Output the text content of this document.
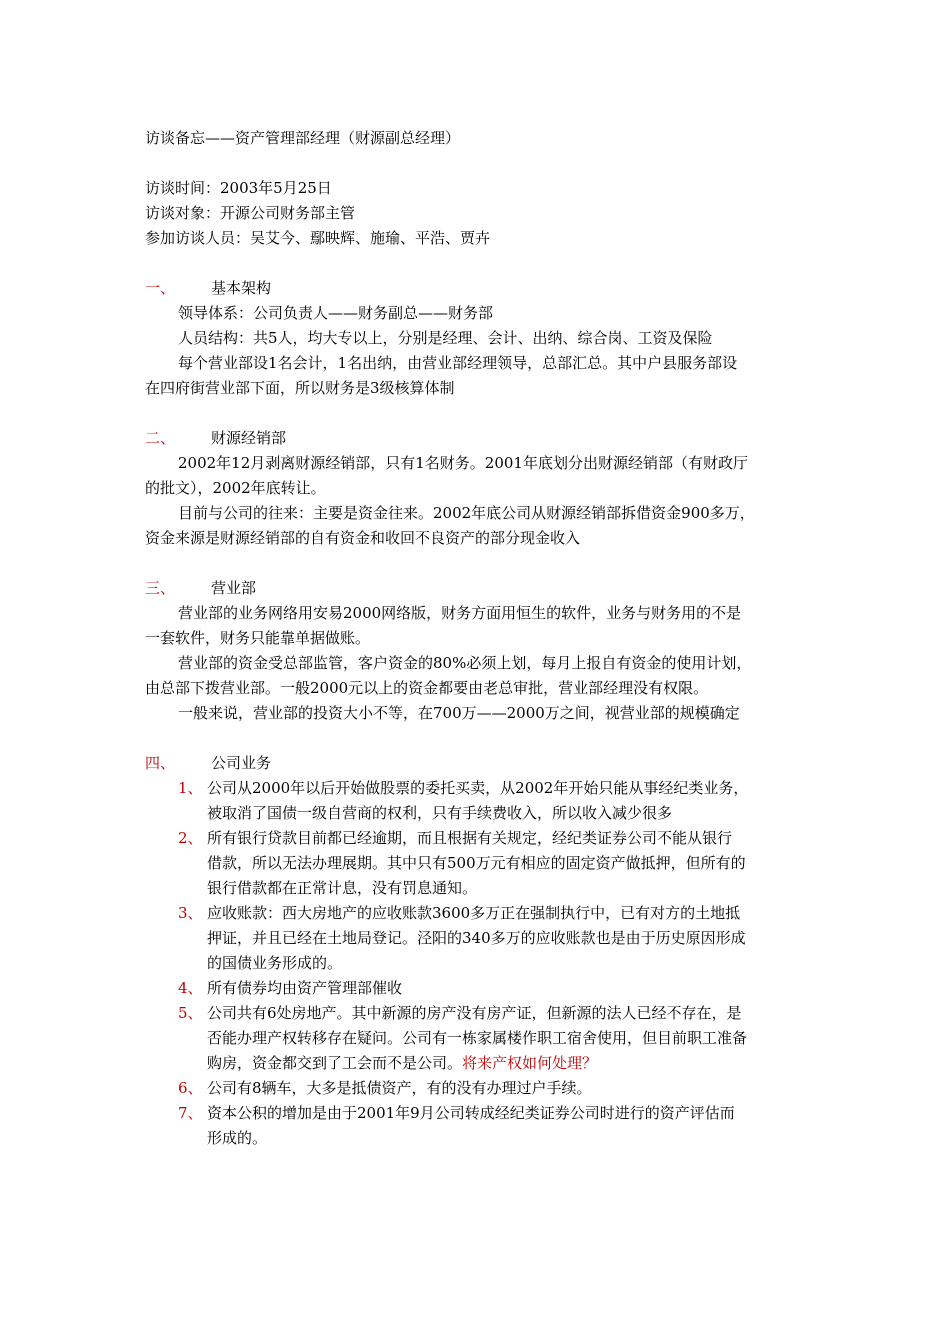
访谈备忘——资产管理部经理（财源副总经理）
访谈时间：2003年5月25日
访谈对象：开源公司财务部主管
参加访谈人员：吴艾今、鄢映辉、施瑜、平浩、贾卉
一、	基本架构
领导体系：公司负责人——财务副总——财务部
人员结构：共5人，均大专以上，分别是经理、会计、出纳、综合岗、工资及保险
每个营业部设1名会计，1名出纳，由营业部经理领导，总部汇总。其中户县服务部设
在四府街营业部下面，所以财务是3级核算体制
二、	财源经销部
2002年12月剥离财源经销部，只有1名财务。2001年底划分出财源经销部（有财政厅
的批文），2002年底转让。
目前与公司的往来：主要是资金往来。2002年底公司从财源经销部拆借资金900多万，
资金来源是财源经销部的自有资金和收回不良资产的部分现金收入
三、	营业部
营业部的业务网络用安易2000网络版，财务方面用恒生的软件，业务与财务用的不是
一套软件，财务只能靠单据做账。
营业部的资金受总部监管，客户资金的80%必须上划，每月上报自有资金的使用计划，
由总部下拨营业部。一般2000元以上的资金都要由老总审批，营业部经理没有权限。
一般来说，营业部的投资大小不等，在700万——2000万之间，视营业部的规模确定
四、	公司业务
1、 公司从2000年以后开始做股票的委托买卖，从2002年开始只能从事经纪类业务，
被取消了国债一级自营商的权利，只有手续费收入，所以收入减少很多
2、 所有银行贷款目前都已经逾期，而且根据有关规定，经纪类证券公司不能从银行
借款，所以无法办理展期。其中只有500万元有相应的固定资产做抵押，但所有的
银行借款都在正常计息，没有罚息通知。
3、 应收账款：西大房地产的应收账款3600多万正在强制执行中，已有对方的土地抵
押证，并且已经在土地局登记。泾阳的340多万的应收账款也是由于历史原因形成
的国债业务形成的。
4、 所有债券均由资产管理部催收
5、 公司共有6处房地产。其中新源的房产没有房产证，但新源的法人已经不存在，是
否能办理产权转移存在疑问。公司有一栋家属楼作职工宿舍使用，但目前职工准备
购房，资金都交到了工会而不是公司。将来产权如何处理？
6、 公司有8辆车，大多是抵债资产，有的没有办理过户手续。
7、 资本公积的增加是由于2001年9月公司转成经纪类证券公司时进行的资产评估而
形成的。
